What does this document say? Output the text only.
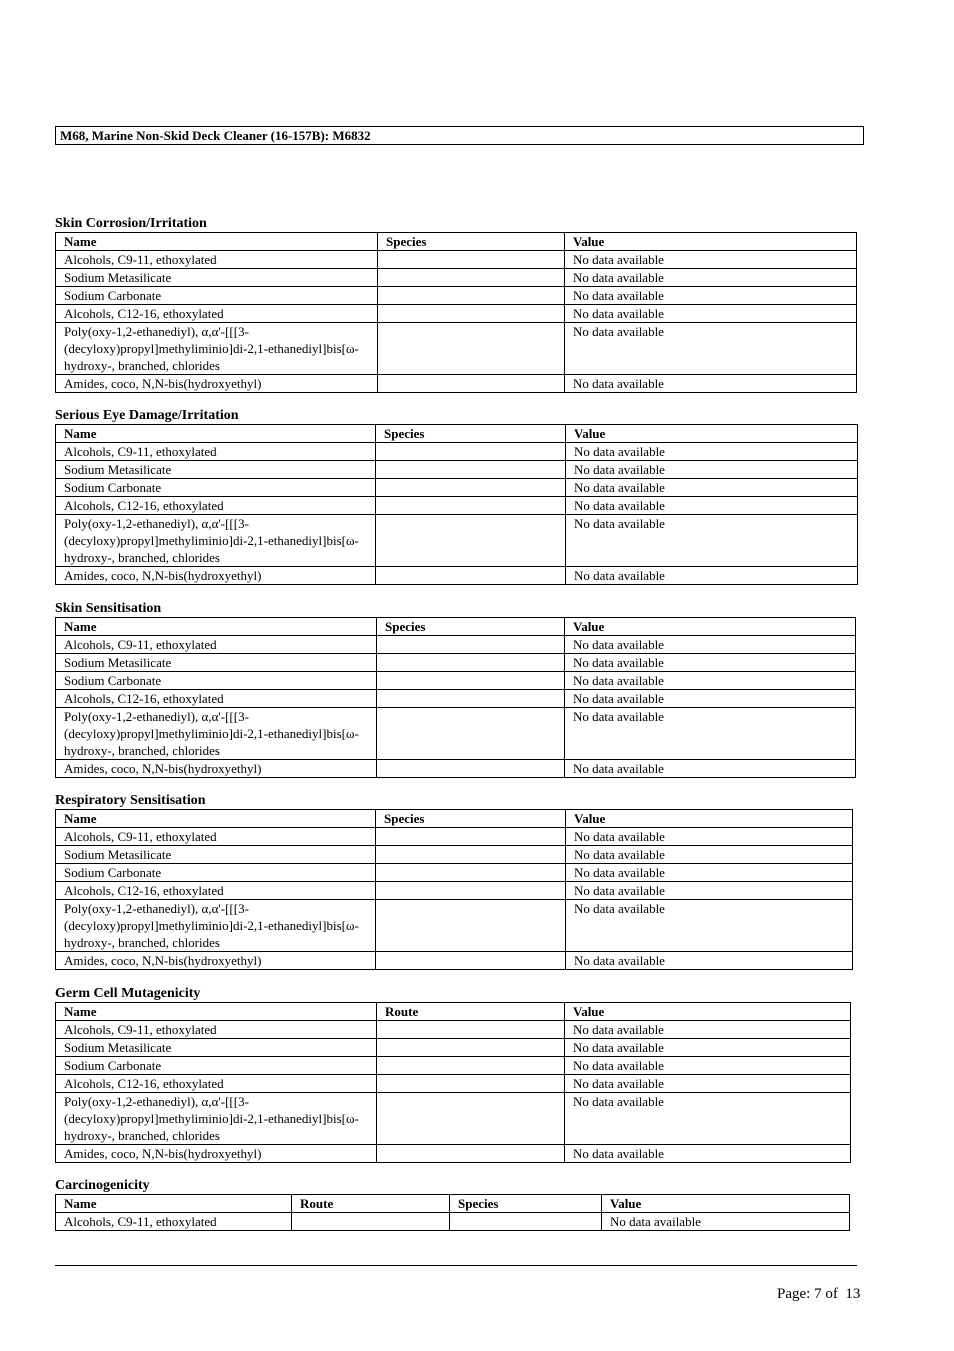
M68, Marine Non-Skid Deck Cleaner (16-157B): M6832
Skin Corrosion/Irritation
Name	Species	Value
Alcohols, C9-11, ethoxylated		No data available
Sodium Metasilicate		No data available
Sodium Carbonate		No data available
Alcohols, C12-16, ethoxylated		No data available
Poly(oxy-1,2-ethanediyl), α,α'-[[[3-(decyloxy)propyl]methyliminio]di-2,1-ethanediyl]bis[ω-hydroxy-, branched, chlorides		No data available
Amides, coco, N,N-bis(hydroxyethyl)		No data available
Serious Eye Damage/Irritation
Name	Species	Value
Alcohols, C9-11, ethoxylated		No data available
Sodium Metasilicate		No data available
Sodium Carbonate		No data available
Alcohols, C12-16, ethoxylated		No data available
Poly(oxy-1,2-ethanediyl), α,α'-[[[3-(decyloxy)propyl]methyliminio]di-2,1-ethanediyl]bis[ω-hydroxy-, branched, chlorides		No data available
Amides, coco, N,N-bis(hydroxyethyl)		No data available
Skin Sensitisation
Name	Species	Value
Alcohols, C9-11, ethoxylated		No data available
Sodium Metasilicate		No data available
Sodium Carbonate		No data available
Alcohols, C12-16, ethoxylated		No data available
Poly(oxy-1,2-ethanediyl), α,α'-[[[3-(decyloxy)propyl]methyliminio]di-2,1-ethanediyl]bis[ω-hydroxy-, branched, chlorides		No data available
Amides, coco, N,N-bis(hydroxyethyl)		No data available
Respiratory Sensitisation
Name	Species	Value
Alcohols, C9-11, ethoxylated		No data available
Sodium Metasilicate		No data available
Sodium Carbonate		No data available
Alcohols, C12-16, ethoxylated		No data available
Poly(oxy-1,2-ethanediyl), α,α'-[[[3-(decyloxy)propyl]methyliminio]di-2,1-ethanediyl]bis[ω-hydroxy-, branched, chlorides		No data available
Amides, coco, N,N-bis(hydroxyethyl)		No data available
Germ Cell Mutagenicity
Name	Route	Value
Alcohols, C9-11, ethoxylated		No data available
Sodium Metasilicate		No data available
Sodium Carbonate		No data available
Alcohols, C12-16, ethoxylated		No data available
Poly(oxy-1,2-ethanediyl), α,α'-[[[3-(decyloxy)propyl]methyliminio]di-2,1-ethanediyl]bis[ω-hydroxy-, branched, chlorides		No data available
Amides, coco, N,N-bis(hydroxyethyl)		No data available
Carcinogenicity
Name	Route	Species	Value
Alcohols, C9-11, ethoxylated			No data available
Page: 7 of 13
